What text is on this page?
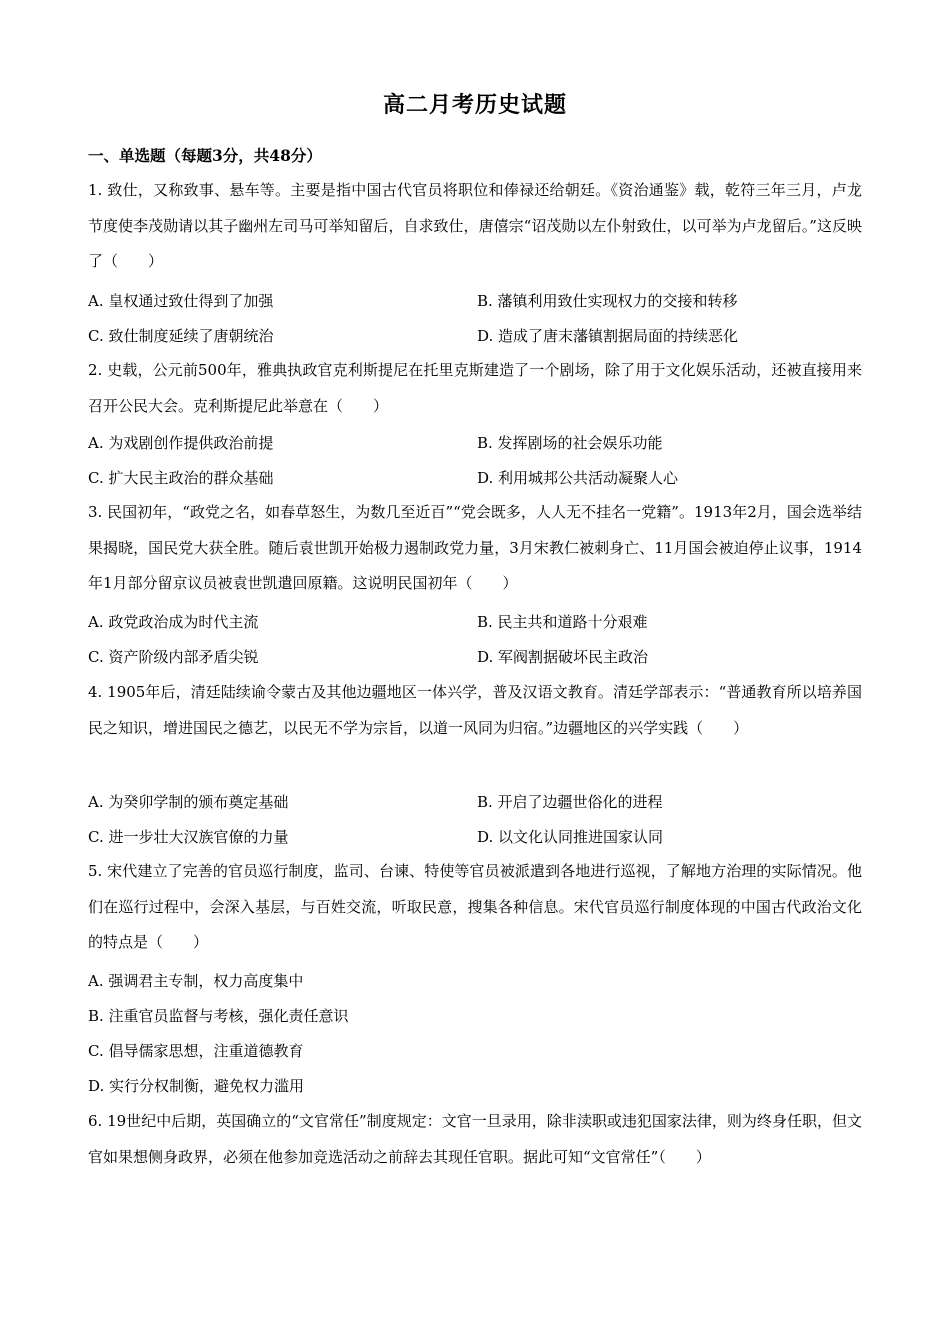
高二月考历史试题
一、单选题（每题3分，共48分）
1. 致仕，又称致事、悬车等。主要是指中国古代官员将职位和俸禄还给朝廷。《资治通鉴》载，乾符三年三月，卢龙节度使李茂勋请以其子幽州左司马可举知留后，自求致仕，唐僖宗“诏茂勋以左仆射致仕，以可举为卢龙留后。”这反映了（　　）
A. 皇权通过致仕得到了加强	B. 藩镇利用致仕实现权力的交接和转移
C. 致仕制度延续了唐朝统治	D. 造成了唐末藩镇割据局面的持续恶化
2. 史载，公元前500年，雅典执政官克利斯提尼在托里克斯建造了一个剧场，除了用于文化娱乐活动，还被直接用来召开公民大会。克利斯提尼此举意在（　　）
A. 为戏剧创作提供政治前提	B. 发挥剧场的社会娱乐功能
C. 扩大民主政治的群众基础	D. 利用城邦公共活动凝聚人心
3. 民国初年，“政党之名，如春草怒生，为数几至近百”“党会既多，人人无不挂名一党籍”。1913年2月，国会选举结果揭晓，国民党大获全胜。随后袁世凯开始极力遏制政党力量，3月宋教仁被刺身亡、11月国会被迫停止议事，1914年1月部分留京议员被袁世凯遣回原籍。这说明民国初年（　　）
A. 政党政治成为时代主流	B. 民主共和道路十分艰难
C. 资产阶级内部矛盾尖锐	D. 军阀割据破坏民主政治
4. 1905年后，清廷陆续谕令蒙古及其他边疆地区一体兴学，普及汉语文教育。清廷学部表示：“普通教育所以培养国民之知识，增进国民之德艺，以民无不学为宗旨，以道一风同为归宿。”边疆地区的兴学实践（　　）
A. 为癸卯学制的颁布奠定基础	B. 开启了边疆世俗化的进程
C. 进一步壮大汉族官僚的力量	D. 以文化认同推进国家认同
5. 宋代建立了完善的官员巡行制度，监司、台谏、特使等官员被派遣到各地进行巡视，了解地方治理的实际情况。他们在巡行过程中，会深入基层，与百姓交流，听取民意，搜集各种信息。宋代官员巡行制度体现的中国古代政治文化的特点是（　　）
A. 强调君主专制，权力高度集中
B. 注重官员监督与考核，强化责任意识
C. 倡导儒家思想，注重道德教育
D. 实行分权制衡，避免权力滥用
6. 19世纪中后期，英国确立的“文官常任”制度规定：文官一旦录用，除非渎职或违犯国家法律，则为终身任职，但文官如果想侧身政界，必须在他参加竞选活动之前辞去其现任官职。据此可知“文官常任”（　　）
